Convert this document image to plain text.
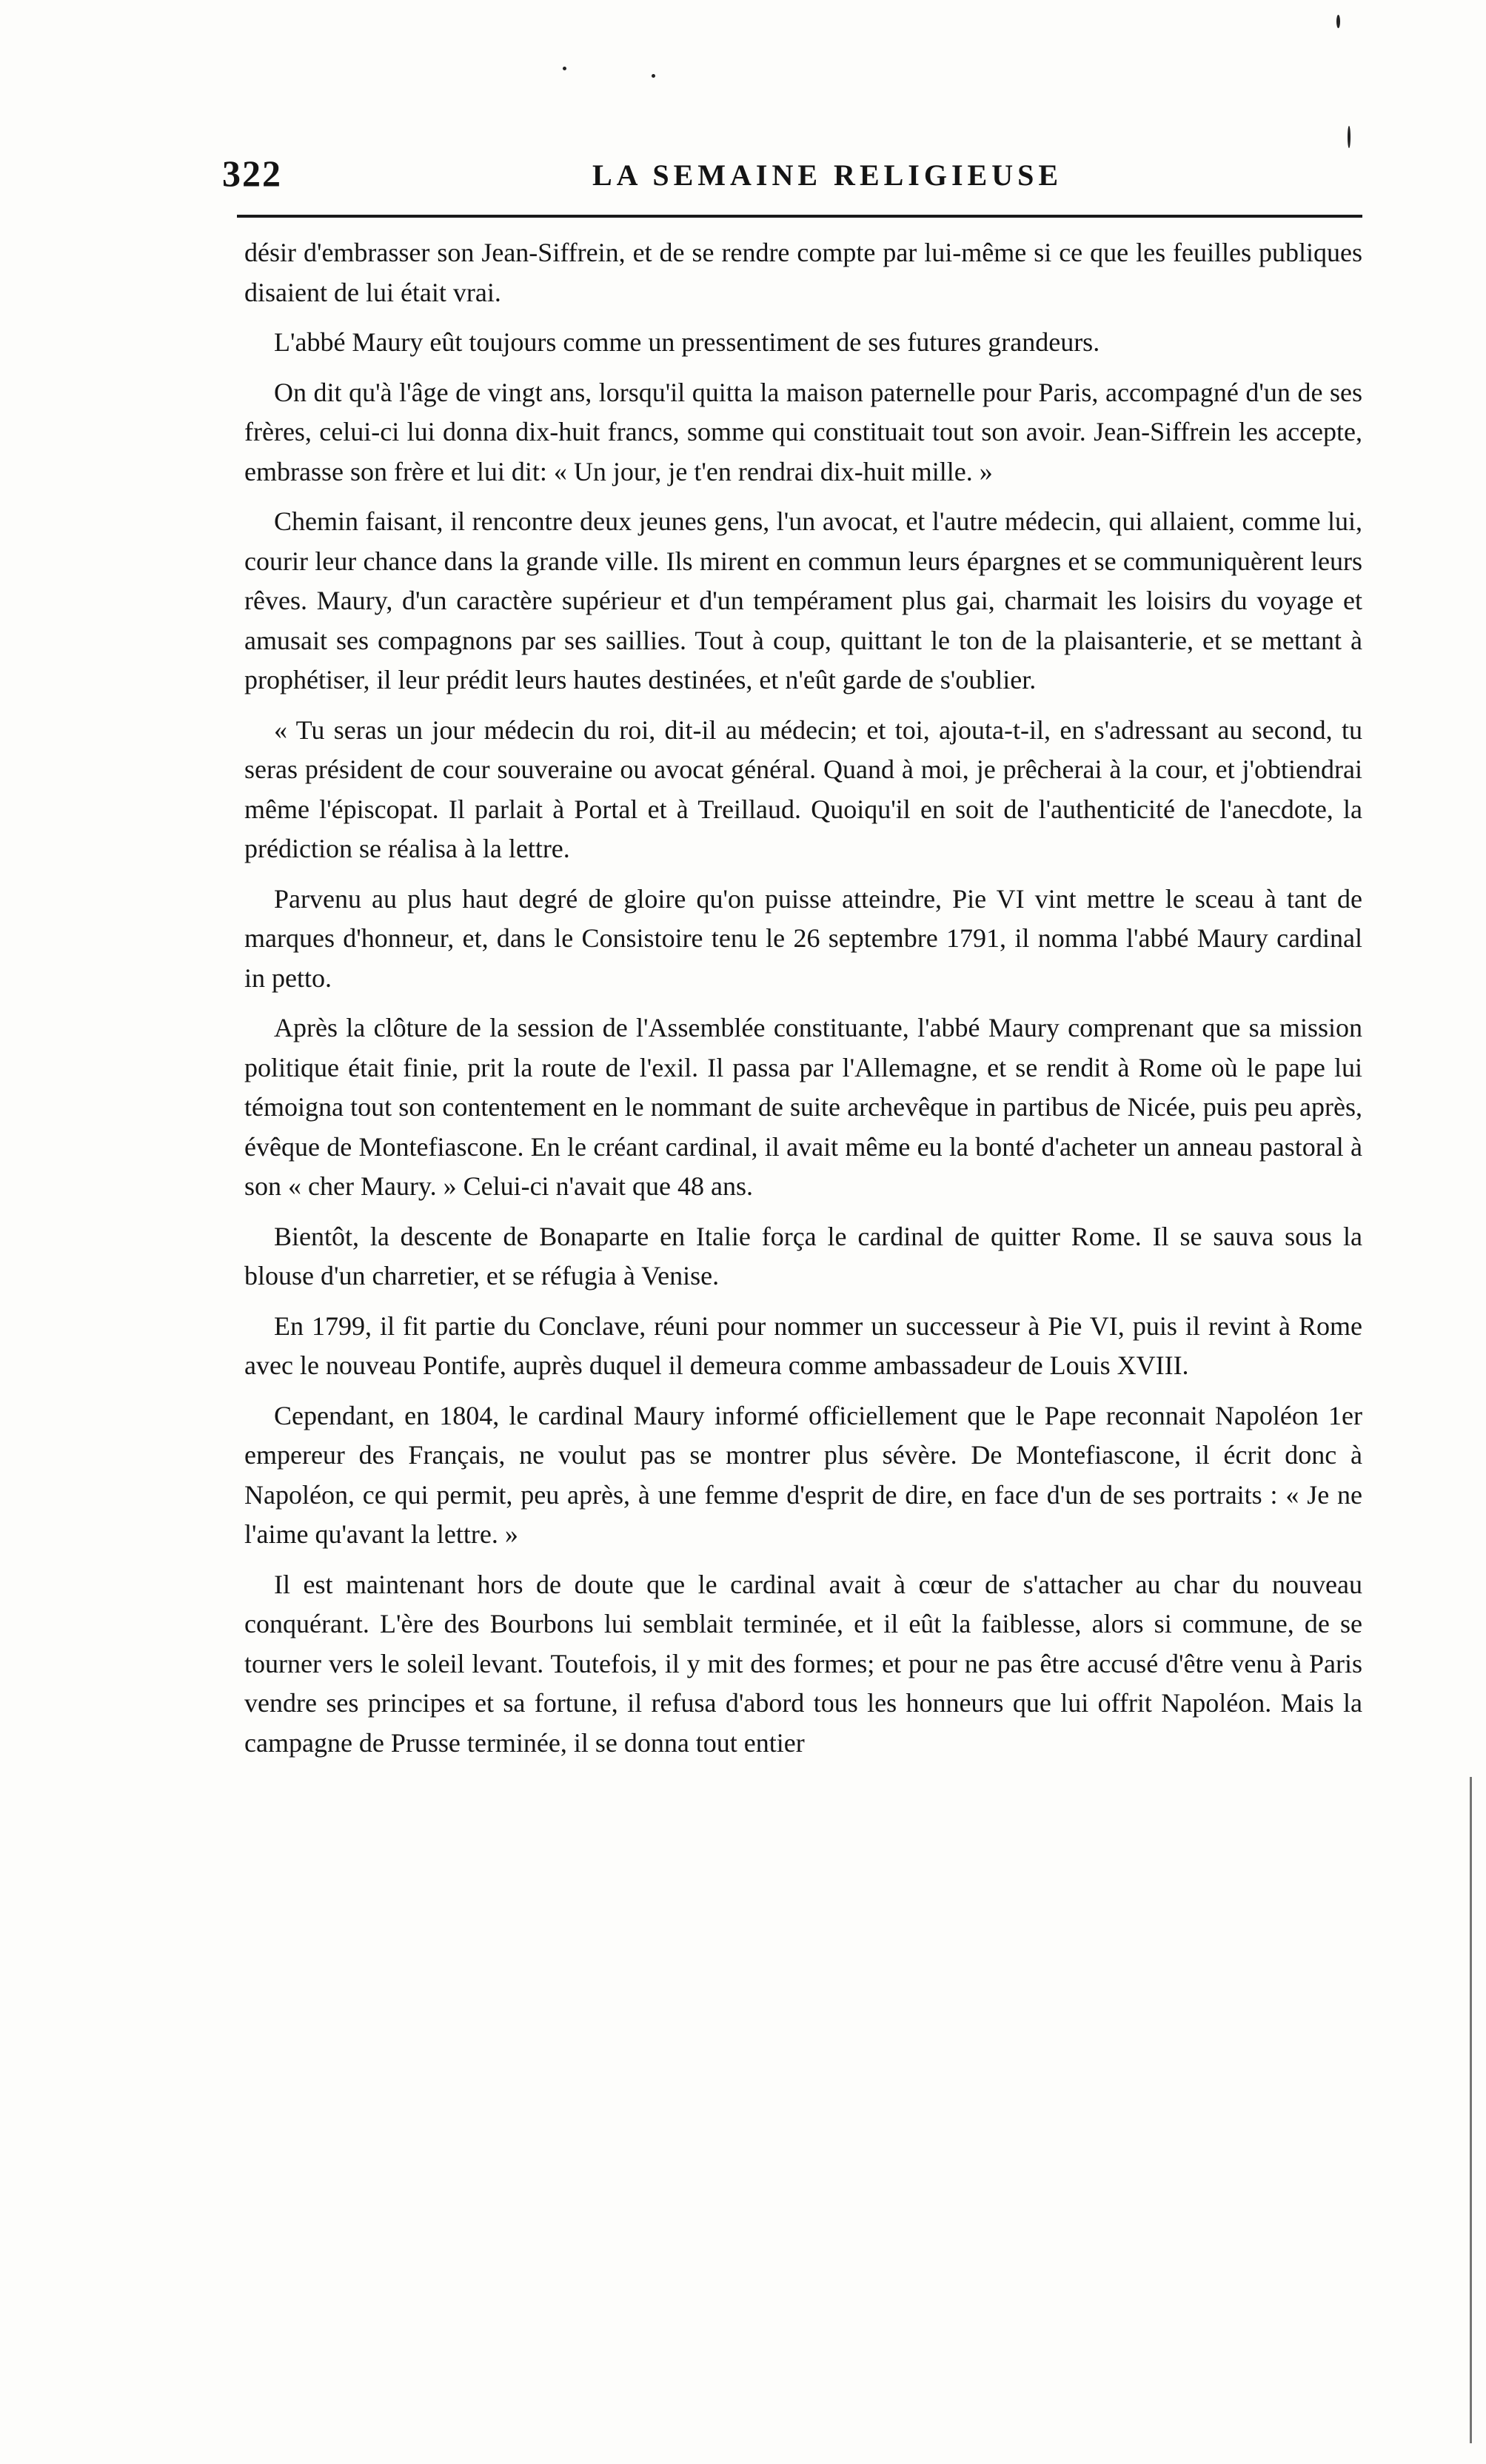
322	LA SEMAINE RELIGIEUSE

désir d'embrasser son Jean-Siffrein, et de se rendre compte par lui-même si ce que les feuilles publiques disaient de lui était vrai.

L'abbé Maury eût toujours comme un pressentiment de ses futures grandeurs.

On dit qu'à l'âge de vingt ans, lorsqu'il quitta la maison paternelle pour Paris, accompagné d'un de ses frères, celui-ci lui donna dix-huit francs, somme qui constituait tout son avoir. Jean-Siffrein les accepte, embrasse son frère et lui dit: « Un jour, je t'en rendrai dix-huit mille. »

Chemin faisant, il rencontre deux jeunes gens, l'un avocat, et l'autre médecin, qui allaient, comme lui, courir leur chance dans la grande ville. Ils mirent en commun leurs épargnes et se communiquèrent leurs rêves. Maury, d'un caractère supérieur et d'un tempérament plus gai, charmait les loisirs du voyage et amusait ses compagnons par ses saillies. Tout à coup, quittant le ton de la plaisanterie, et se mettant à prophétiser, il leur prédit leurs hautes destinées, et n'eût garde de s'oublier.

« Tu seras un jour médecin du roi, dit-il au médecin; et toi, ajouta-t-il, en s'adressant au second, tu seras président de cour souveraine ou avocat général. Quand à moi, je prêcherai à la cour, et j'obtiendrai même l'épiscopat. Il parlait à Portal et à Treillaud. Quoiqu'il en soit de l'authenticité de l'anecdote, la prédiction se réalisa à la lettre.

Parvenu au plus haut degré de gloire qu'on puisse atteindre, Pie VI vint mettre le sceau à tant de marques d'honneur, et, dans le Consistoire tenu le 26 septembre 1791, il nomma l'abbé Maury cardinal in petto.

Après la clôture de la session de l'Assemblée constituante, l'abbé Maury comprenant que sa mission politique était finie, prit la route de l'exil. Il passa par l'Allemagne, et se rendit à Rome où le pape lui témoigna tout son contentement en le nommant de suite archevêque in partibus de Nicée, puis peu après, évêque de Montefiascone. En le créant cardinal, il avait même eu la bonté d'acheter un anneau pastoral à son « cher Maury. » Celui-ci n'avait que 48 ans.

Bientôt, la descente de Bonaparte en Italie força le cardinal de quitter Rome. Il se sauva sous la blouse d'un charretier, et se réfugia à Venise.

En 1799, il fit partie du Conclave, réuni pour nommer un successeur à Pie VI, puis il revint à Rome avec le nouveau Pontife, auprès duquel il demeura comme ambassadeur de Louis XVIII.

Cependant, en 1804, le cardinal Maury informé officiellement que le Pape reconnait Napoléon 1er empereur des Français, ne voulut pas se montrer plus sévère. De Montefiascone, il écrit donc à Napoléon, ce qui permit, peu après, à une femme d'esprit de dire, en face d'un de ses portraits : « Je ne l'aime qu'avant la lettre. »

Il est maintenant hors de doute que le cardinal avait à cœur de s'attacher au char du nouveau conquérant. L'ère des Bourbons lui semblait terminée, et il eût la faiblesse, alors si commune, de se tourner vers le soleil levant. Toutefois, il y mit des formes; et pour ne pas être accusé d'être venu à Paris vendre ses principes et sa fortune, il refusa d'abord tous les honneurs que lui offrit Napoléon. Mais la campagne de Prusse terminée, il se donna tout entier
